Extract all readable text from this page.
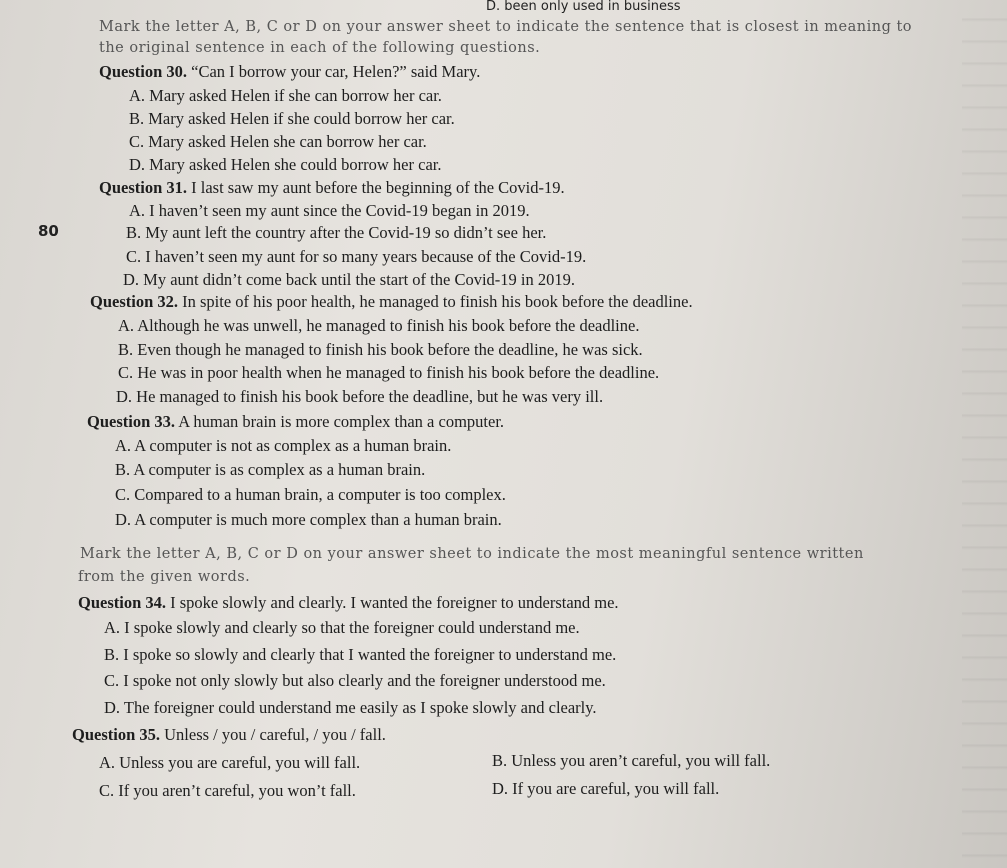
D. been only used in business
Mark the letter A, B, C or D on your answer sheet to indicate the sentence that is closest in meaning to
the original sentence in each of the following questions.
80
Question 30. “Can I borrow your car, Helen?” said Mary.
A. Mary asked Helen if she can borrow her car.
B. Mary asked Helen if she could borrow her car.
C. Mary asked Helen she can borrow her car.
D. Mary asked Helen she could borrow her car.
Question 31. I last saw my aunt before the beginning of the Covid-19.
A. I haven’t seen my aunt since the Covid-19 began in 2019.
B. My aunt left the country after the Covid-19 so didn’t see her.
C. I haven’t seen my aunt for so many years because of the Covid-19.
D. My aunt didn’t come back until the start of the Covid-19 in 2019.
Question 32. In spite of his poor health, he managed to finish his book before the deadline.
A. Although he was unwell, he managed to finish his book before the deadline.
B. Even though he managed to finish his book before the deadline, he was sick.
C. He was in poor health when he managed to finish his book before the deadline.
D. He managed to finish his book before the deadline, but he was very ill.
Question 33. A human brain is more complex than a computer.
A. A computer is not as complex as a human brain.
B. A computer is as complex as a human brain.
C. Compared to a human brain, a computer is too complex.
D. A computer is much more complex than a human brain.
Mark the letter A, B, C or D on your answer sheet to indicate the most meaningful sentence written
from the given words.
Question 34. I spoke slowly and clearly. I wanted the foreigner to understand me.
A. I spoke slowly and clearly so that the foreigner could understand me.
B. I spoke so slowly and clearly that I wanted the foreigner to understand me.
C. I spoke not only slowly but also clearly and the foreigner understood me.
D. The foreigner could understand me easily as I spoke slowly and clearly.
Question 35. Unless / you / careful, / you / fall.
A. Unless you are careful, you will fall.	B. Unless you aren’t careful, you will fall.
C. If you aren’t careful, you won’t fall.	D. If you are careful, you will fall.
